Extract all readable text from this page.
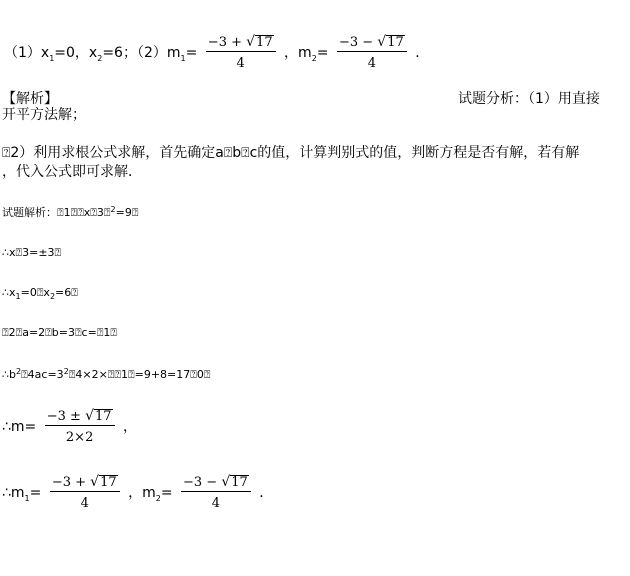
$(1)x_1=0$，$x_2=6$；$(2)m_1= \frac{-3 + √17}{4}$ ，$m_2= \frac{-3 - √17}{4}$ ．
【解析】	试题分析：（1）用直接
开平方法解；
⍰2）利用求根公式求解，首先确定a⍰b⍰c的值，计算判别式的值，判断方程是否有解，若有解
，代入公式即可求解．
试题解析：⍰1⍰⍰x⍰3⍰$^2$=9⍰
∴x⍰3=±3⍰
$\therefore x_1=0⍰x_2=6⍰$
⍰2⍰a=2⍰b=3⍰c=⍰1⍰
$\therefore b^2⍰4ac=3^2⍰4\times 2\times⍰⍰1⍰=9+8=17⍰0⍰$
∴m= $\frac{-3 \pm √17}{2\times 2}$ ，
$\therefore m_1= \frac{-3 + √17}{4}$ ，$m_2= \frac{-3 - √17}{4}$ ．
